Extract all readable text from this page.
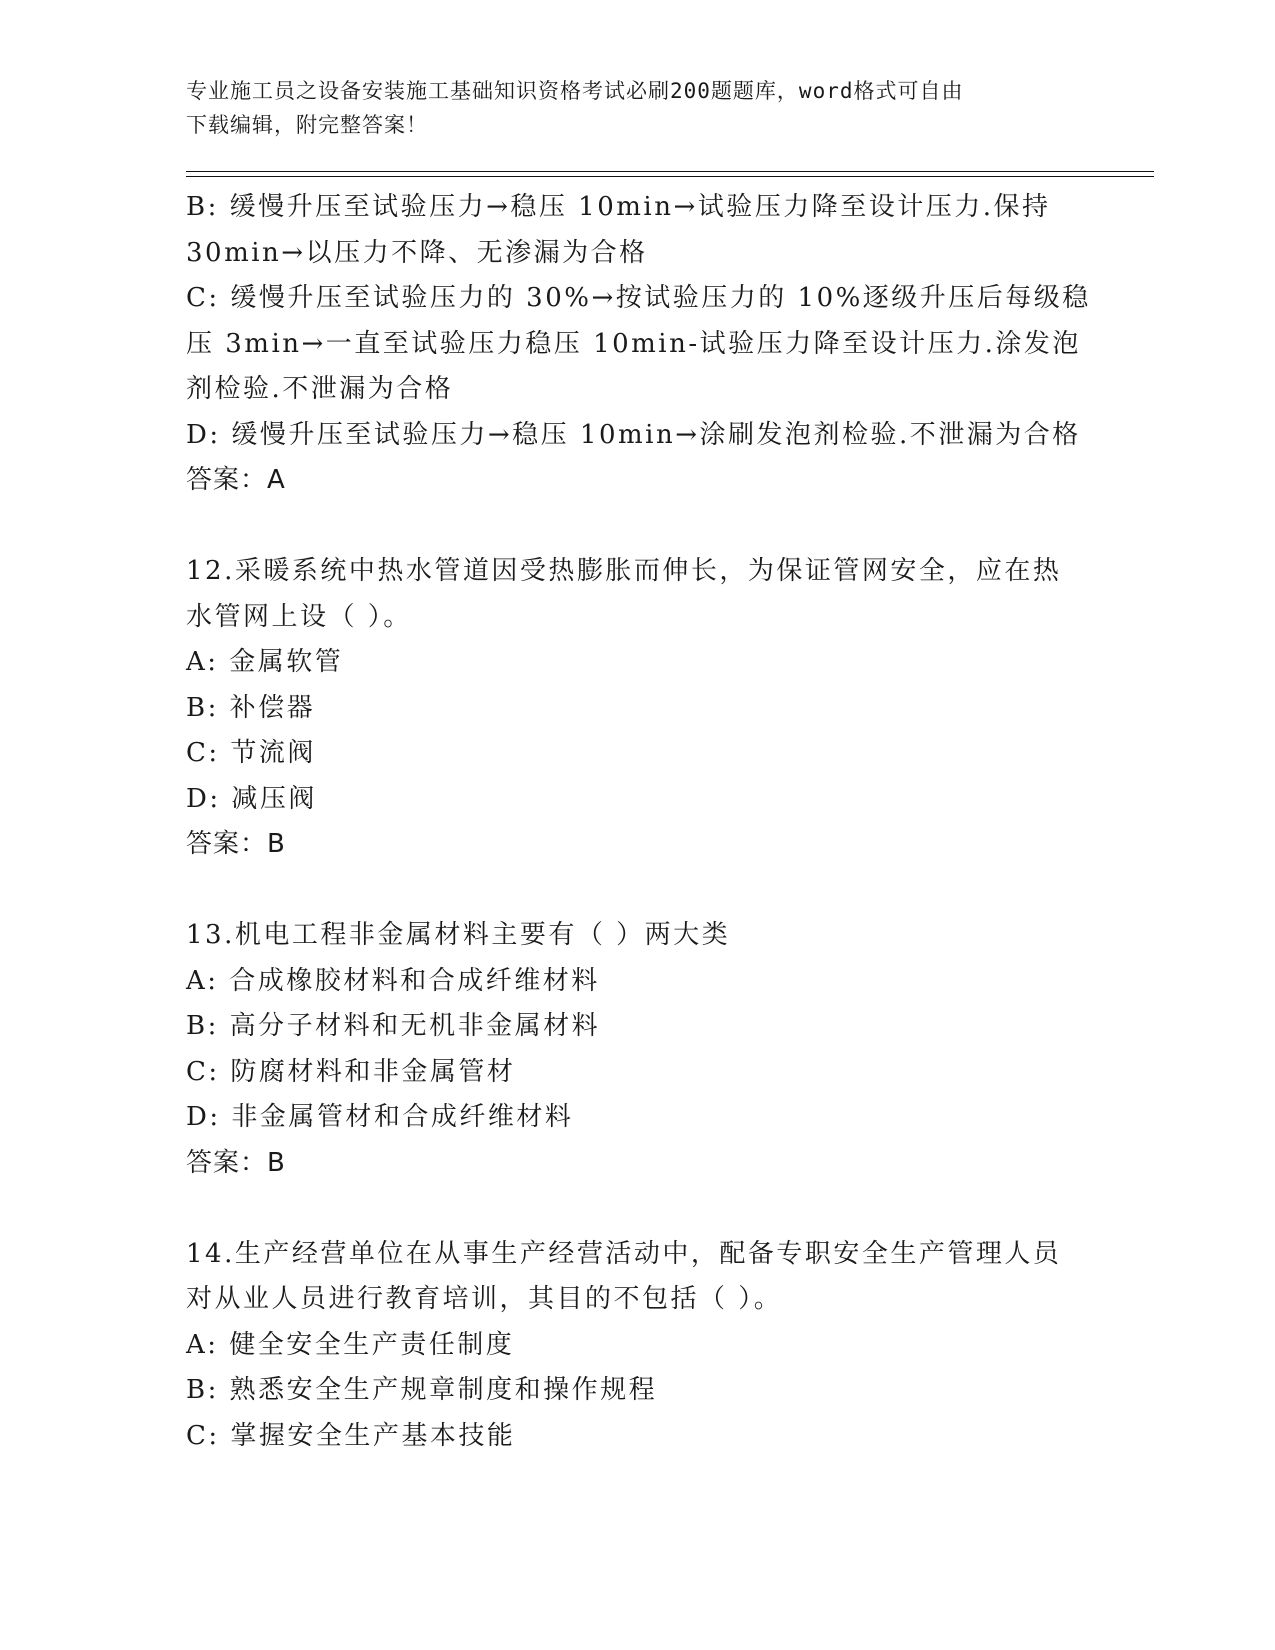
专业施工员之设备安装施工基础知识资格考试必刷200题题库，word格式可自由
下载编辑，附完整答案！
B: 缓慢升压至试验压力→稳压 10min→试验压力降至设计压力.保持
30min→以压力不降、无渗漏为合格
C: 缓慢升压至试验压力的 30%→按试验压力的 10%逐级升压后每级稳
压 3min→一直至试验压力稳压 10min-试验压力降至设计压力.涂发泡
剂检验.不泄漏为合格
D: 缓慢升压至试验压力→稳压 10min→涂刷发泡剂检验.不泄漏为合格
答案：A
12.采暖系统中热水管道因受热膨胀而伸长，为保证管网安全，应在热
水管网上设（ ）。
A: 金属软管
B: 补偿器
C: 节流阀
D: 减压阀
答案：B
13.机电工程非金属材料主要有（ ）两大类
A: 合成橡胶材料和合成纤维材料
B: 高分子材料和无机非金属材料
C: 防腐材料和非金属管材
D: 非金属管材和合成纤维材料
答案：B
14.生产经营单位在从事生产经营活动中，配备专职安全生产管理人员
对从业人员进行教育培训，其目的不包括（ ）。
A: 健全安全生产责任制度
B: 熟悉安全生产规章制度和操作规程
C: 掌握安全生产基本技能
